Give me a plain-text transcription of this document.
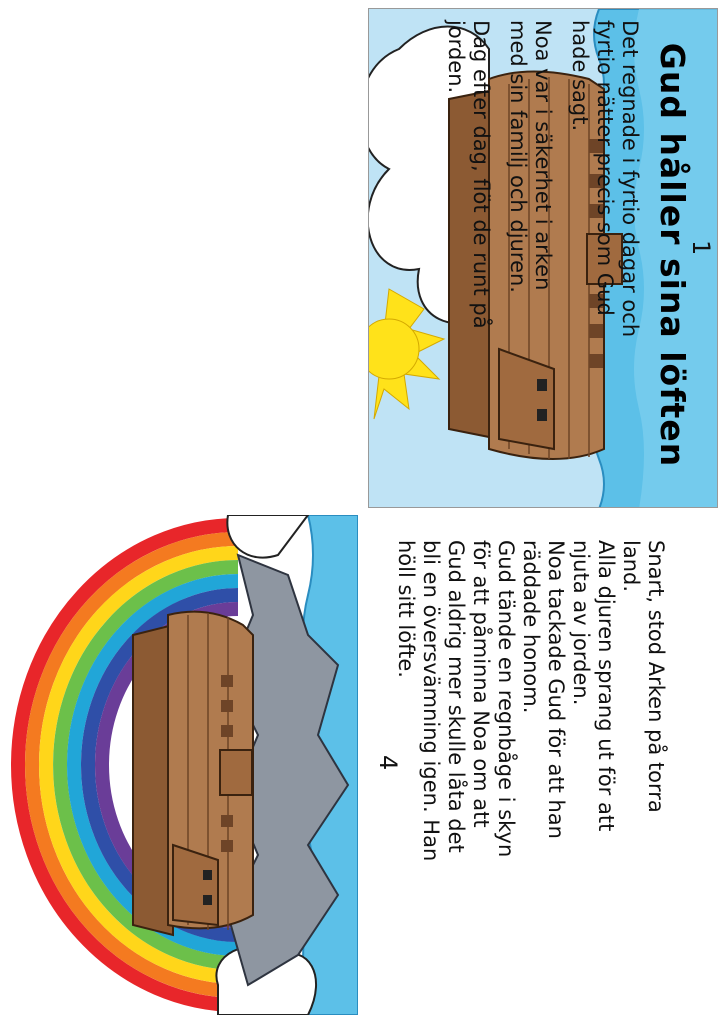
Gud håller sina löften
Det regnade i fyrtio dagar och
fyrtio nätter precis som Gud
hade sagt.
Noa var i säkerhet i arken
med sin familj och djuren.
Dag efter dag, flöt de runt på
jorden.
1
Snart, stod Arken på torra
land.
Alla djuren sprang ut för att
njuta av jorden.
Noa tackade Gud för att han
räddade honom.
Gud tände en regnbåge i skyn
för att påminna Noa om att
Gud aldrig mer skulle låta det
bli en översvämning igen. Han
höll sitt löfte.
4
